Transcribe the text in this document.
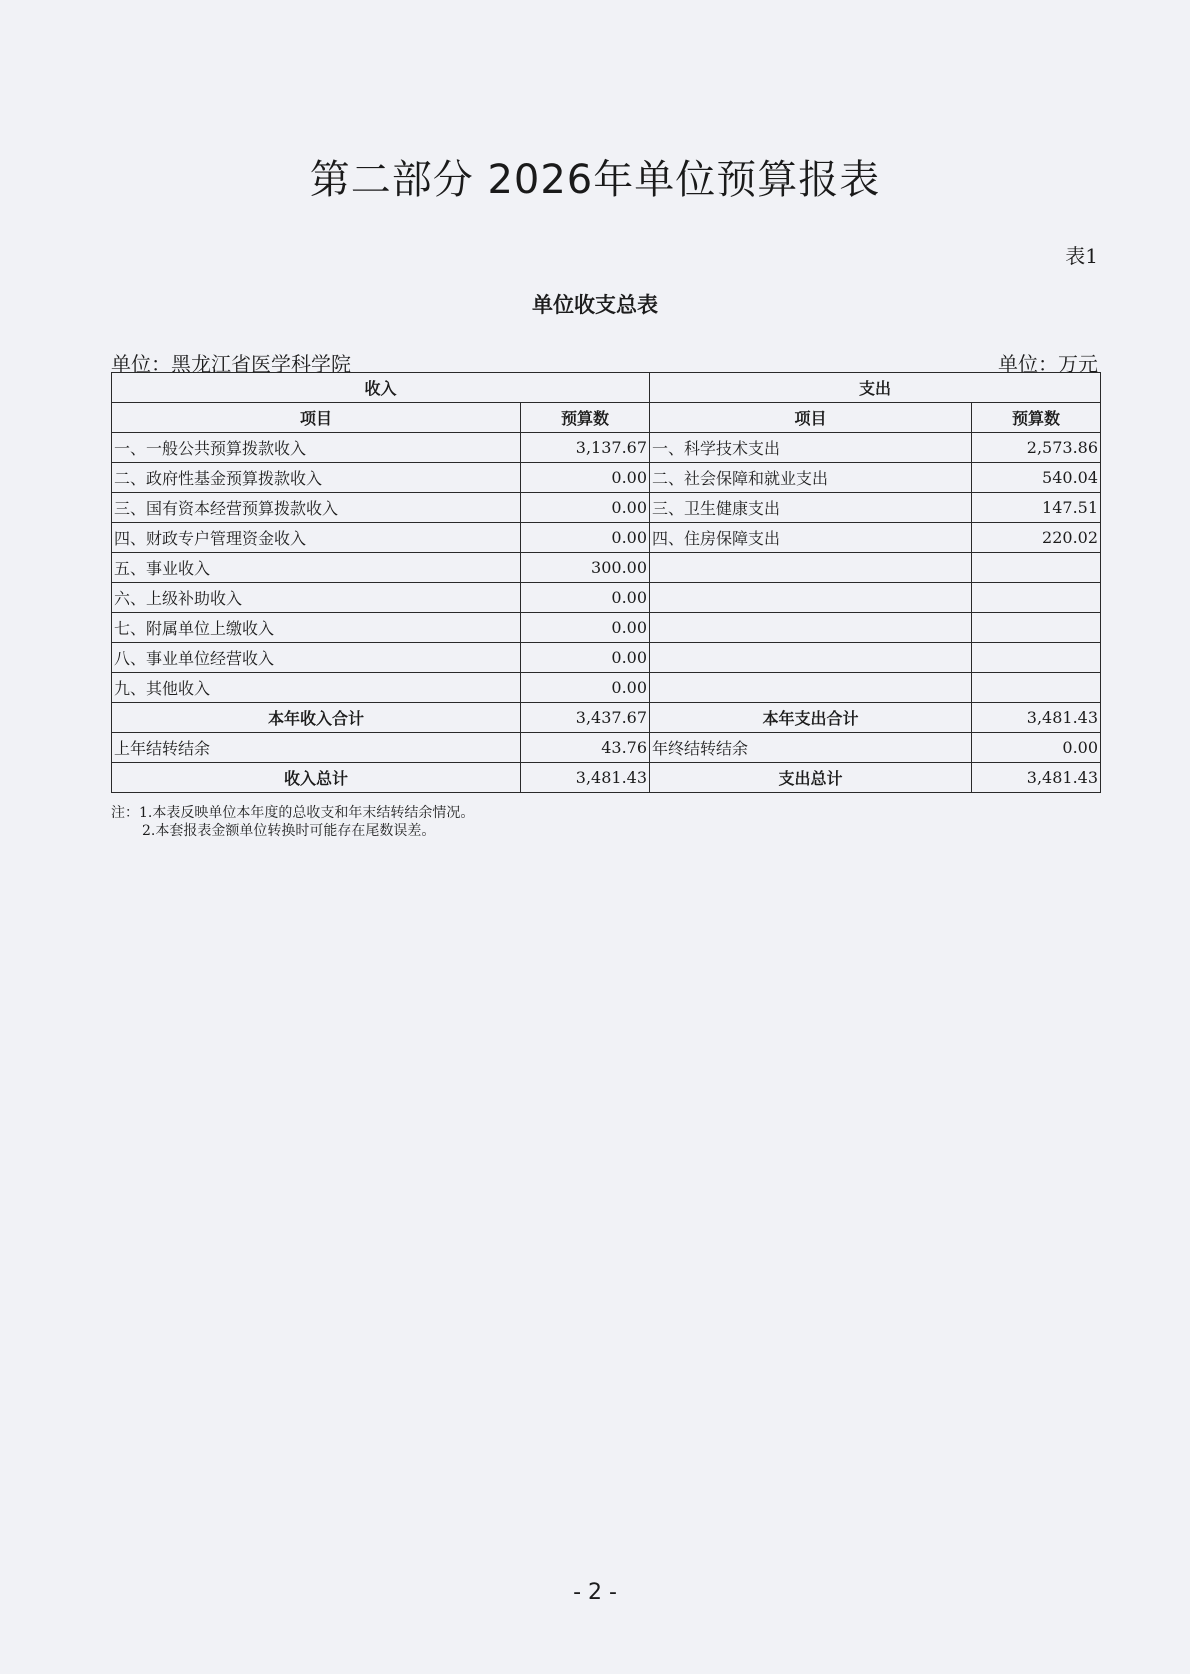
第二部分 2026年单位预算报表
表1
单位收支总表
单位：黑龙江省医学科学院	单位：万元
收入		支出	
项目	预算数	项目	预算数
一、一般公共预算拨款收入	3,137.67	一、科学技术支出	2,573.86
二、政府性基金预算拨款收入	0.00	二、社会保障和就业支出	540.04
三、国有资本经营预算拨款收入	0.00	三、卫生健康支出	147.51
四、财政专户管理资金收入	0.00	四、住房保障支出	220.02
五、事业收入	300.00		
六、上级补助收入	0.00		
七、附属单位上缴收入	0.00		
八、事业单位经营收入	0.00		
九、其他收入	0.00		
本年收入合计	3,437.67	本年支出合计	3,481.43
上年结转结余	43.76	年终结转结余	0.00
收入总计	3,481.43	支出总计	3,481.43
注：1.本表反映单位本年度的总收支和年末结转结余情况。
2.本套报表金额单位转换时可能存在尾数误差。
- 2 -
